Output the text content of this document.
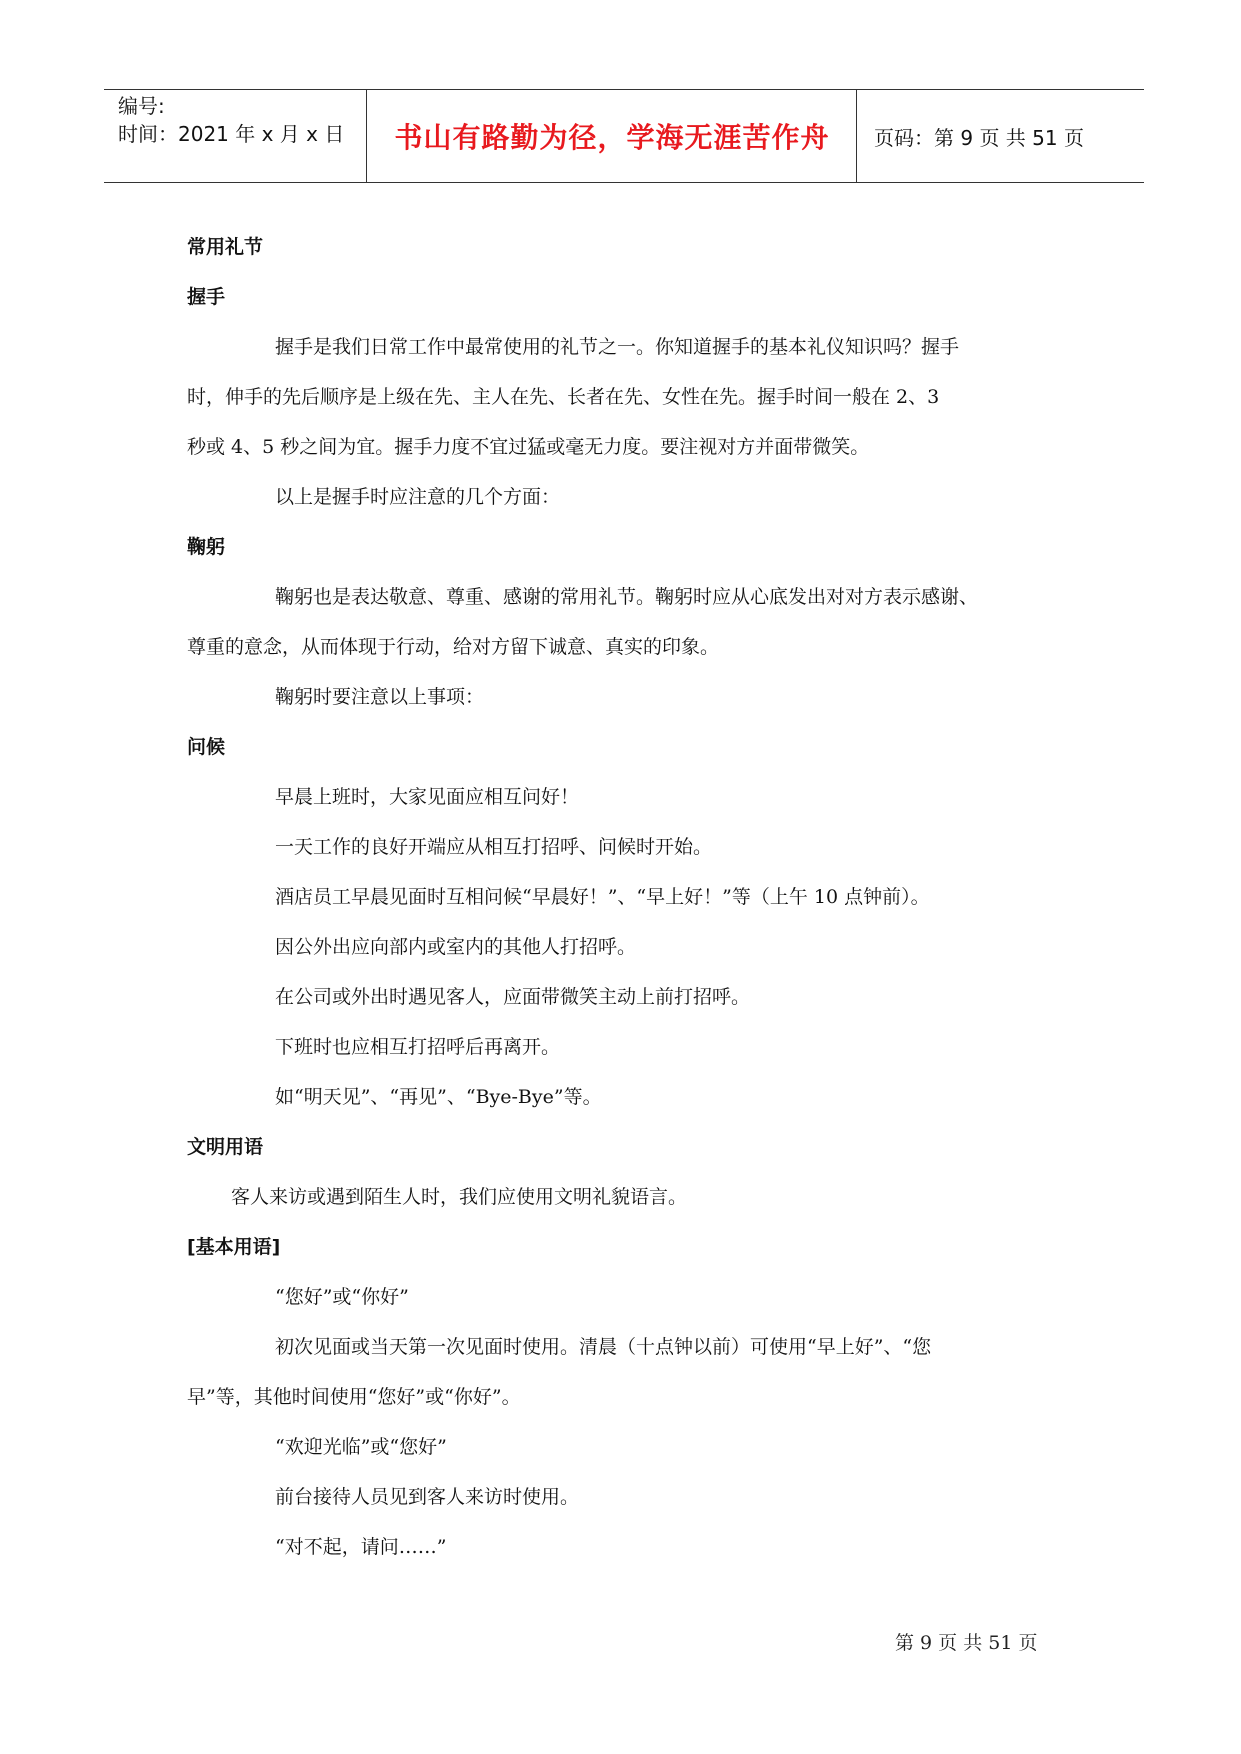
编号:
时间：2021 年 x 月 x 日	书山有路勤为径，学海无涯苦作舟	页码：第 9 页 共 51 页
常用礼节
握手
握手是我们日常工作中最常使用的礼节之一。你知道握手的基本礼仪知识吗？握手
时，伸手的先后顺序是上级在先、主人在先、长者在先、女性在先。握手时间一般在 2、3
秒或 4、5 秒之间为宜。握手力度不宜过猛或毫无力度。要注视对方并面带微笑。
以上是握手时应注意的几个方面：
鞠躬
鞠躬也是表达敬意、尊重、感谢的常用礼节。鞠躬时应从心底发出对对方表示感谢、
尊重的意念，从而体现于行动，给对方留下诚意、真实的印象。
鞠躬时要注意以上事项：
问候
早晨上班时，大家见面应相互问好！
一天工作的良好开端应从相互打招呼、问候时开始。
酒店员工早晨见面时互相问候“早晨好！”、“早上好！”等（上午 10 点钟前）。
因公外出应向部内或室内的其他人打招呼。
在公司或外出时遇见客人，应面带微笑主动上前打招呼。
下班时也应相互打招呼后再离开。
如“明天见”、“再见”、“Bye-Bye”等。
文明用语
客人来访或遇到陌生人时，我们应使用文明礼貌语言。
[基本用语]
“您好”或“你好”
初次见面或当天第一次见面时使用。清晨（十点钟以前）可使用“早上好”、“您
早”等，其他时间使用“您好”或“你好”。
“欢迎光临”或“您好”
前台接待人员见到客人来访时使用。
“对不起，请问……”
第 9 页 共 51 页
